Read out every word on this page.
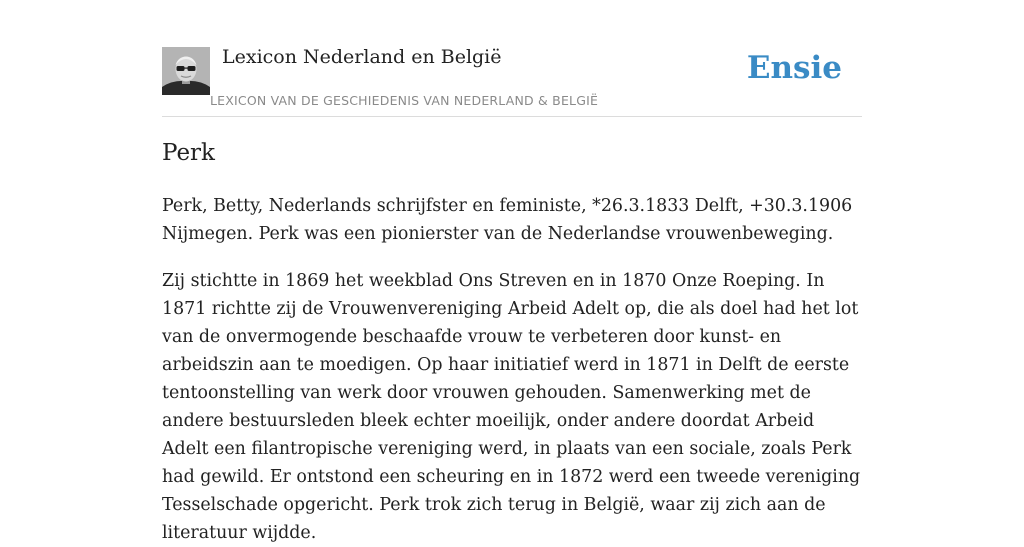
Lexicon Nederland en België
LEXICON VAN DE GESCHIEDENIS VAN NEDERLAND & BELGIË
Ensie
Perk

Perk, Betty, Nederlands schrijfster en feministe, *26.3.1833 Delft, +30.3.1906 Nijmegen. Perk was een pionierster van de Nederlandse vrouwenbeweging.

Zij stichtte in 1869 het weekblad Ons Streven en in 1870 Onze Roeping. In 1871 richtte zij de Vrouwenvereniging Arbeid Adelt op, die als doel had het lot van de onvermogende beschaafde vrouw te verbeteren door kunst- en arbeidszin aan te moedigen. Op haar initiatief werd in 1871 in Delft de eerste tentoonstelling van werk door vrouwen gehouden. Samenwerking met de andere bestuursleden bleek echter moeilijk, onder andere doordat Arbeid Adelt een filantropische vereniging werd, in plaats van een sociale, zoals Perk had gewild. Er ontstond een scheuring en in 1872 werd een tweede vereniging Tesselschade opgericht. Perk trok zich terug in België, waar zij zich aan de literatuur wijdde.
